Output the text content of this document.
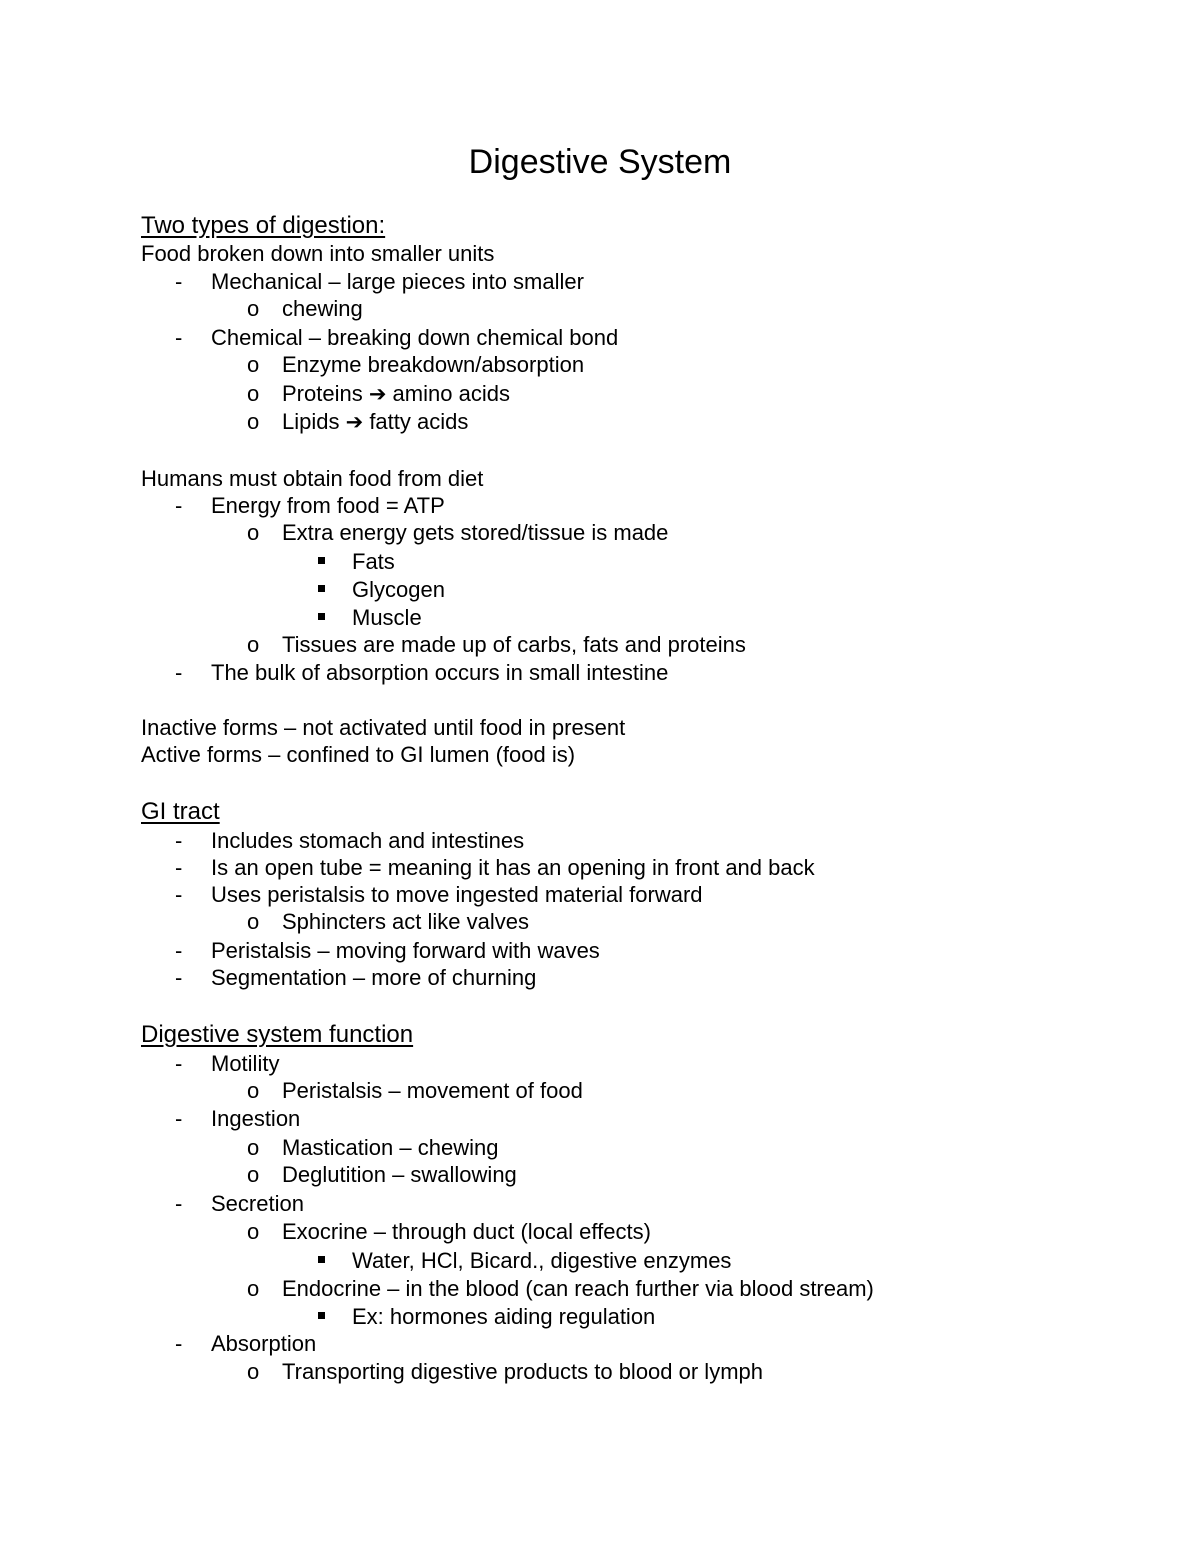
Digestive System
Two types of digestion:
Food broken down into smaller units
- Mechanical – large pieces into smaller
o chewing
- Chemical – breaking down chemical bond
o Enzyme breakdown/absorption
o Proteins ➔ amino acids
o Lipids ➔ fatty acids
Humans must obtain food from diet
- Energy from food = ATP
o Extra energy gets stored/tissue is made
Fats
Glycogen
Muscle
o Tissues are made up of carbs, fats and proteins
- The bulk of absorption occurs in small intestine
Inactive forms – not activated until food in present
Active forms – confined to GI lumen (food is)
GI tract
- Includes stomach and intestines
- Is an open tube = meaning it has an opening in front and back
- Uses peristalsis to move ingested material forward
o Sphincters act like valves
- Peristalsis – moving forward with waves
- Segmentation – more of churning
Digestive system function
- Motility
o Peristalsis – movement of food
- Ingestion
o Mastication – chewing
o Deglutition – swallowing
- Secretion
o Exocrine – through duct (local effects)
Water, HCl, Bicard., digestive enzymes
o Endocrine – in the blood (can reach further via blood stream)
Ex: hormones aiding regulation
- Absorption
o Transporting digestive products to blood or lymph
